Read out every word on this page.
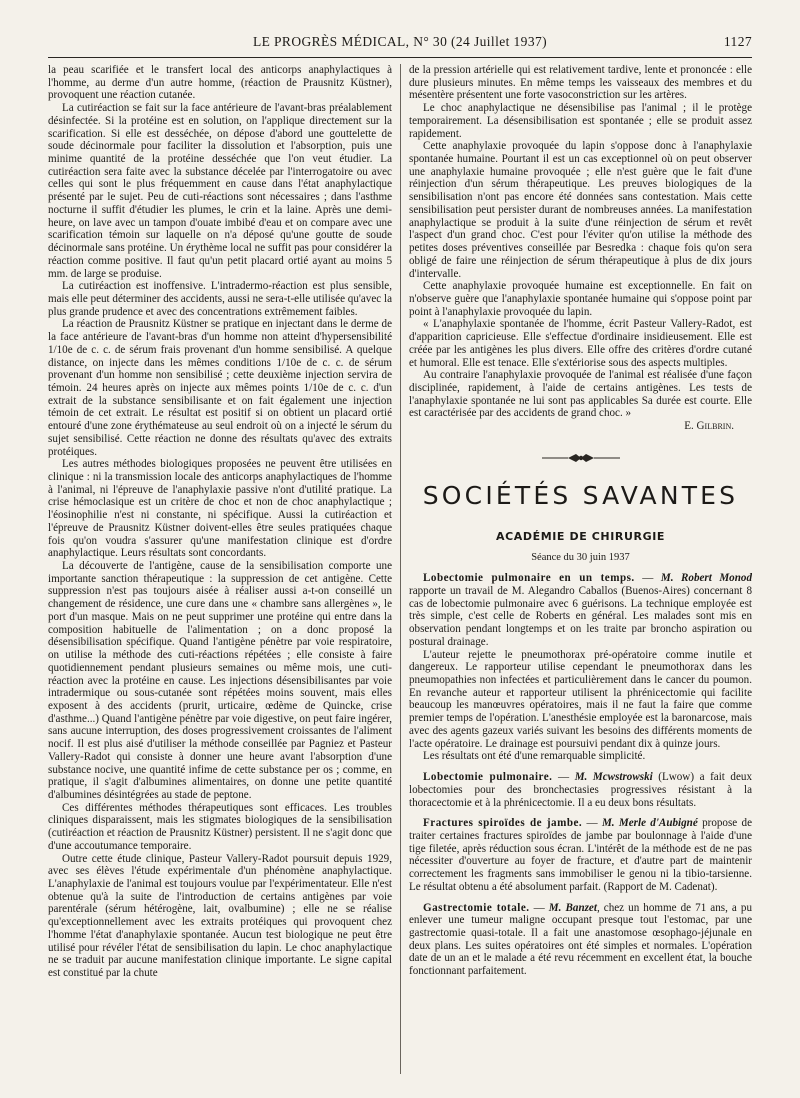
LE PROGRÈS MÉDICAL, N° 30 (24 Juillet 1937)	1127

la peau scarifiée et le transfert local des anticorps anaphylactiques à l'homme, au derme d'un autre homme, (réaction de Prausnitz Küstner), provoquent une réaction cutanée.

La cutiréaction se fait sur la face antérieure de l'avant-bras préalablement désinfectée. Si la protéine est en solution, on l'applique directement sur la scarification. Si elle est desséchée, on dépose d'abord une gouttelette de soude décinormale pour faciliter la dissolution et l'absorption, puis une minime quantité de la protéine desséchée que l'on veut étudier. La cutiréaction sera faite avec la substance décelée par l'interrogatoire ou avec celles qui sont le plus fréquemment en cause dans l'état anaphylactique présenté par le sujet. Peu de cuti-réactions sont nécessaires ; dans l'asthme nocturne il suffit d'étudier les plumes, le crin et la laine. Après une demi-heure, on lave avec un tampon d'ouate imbibé d'eau et on compare avec une scarification témoin sur laquelle on n'a déposé qu'une goutte de soude décinormale sans protéine. Un érythème local ne suffit pas pour considérer la réaction comme positive. Il faut qu'un petit placard ortié ayant au moins 5 mm. de large se produise.

La cutiréaction est inoffensive. L'intradermo-réaction est plus sensible, mais elle peut déterminer des accidents, aussi ne sera-t-elle utilisée qu'avec la plus grande prudence et avec des concentrations extrêmement faibles.

La réaction de Prausnitz Küstner se pratique en injectant dans le derme de la face antérieure de l'avant-bras d'un homme non atteint d'hypersensibilité 1/10e de c. c. de sérum frais provenant d'un homme sensibilisé. A quelque distance, on injecte dans les mêmes conditions 1/10e de c. c. de sérum provenant d'un homme non sensibilisé ; cette deuxième injection servira de témoin. 24 heures après on injecte aux mêmes points 1/10e de c. c. d'un extrait de la substance sensibilisante et on fait également une injection témoin de cet extrait. Le résultat est positif si on obtient un placard ortié entouré d'une zone érythémateuse au seul endroit où on a injecté le sérum du sujet sensibilisé. Cette réaction ne donne des résultats qu'avec des extraits protéiques.

Les autres méthodes biologiques proposées ne peuvent être utilisées en clinique : ni la transmission locale des anticorps anaphylactiques de l'homme à l'animal, ni l'épreuve de l'anaphylaxie passive n'ont d'utilité pratique. La crise hémoclasique est un critère de choc et non de choc anaphylactique ; l'éosinophilie n'est ni constante, ni spécifique. Aussi la cutiréaction et l'épreuve de Prausnitz Küstner doivent-elles être seules pratiquées chaque fois qu'on voudra s'assurer qu'une manifestation clinique est d'ordre anaphylactique. Leurs résultats sont concordants.

La découverte de l'antigène, cause de la sensibilisation comporte une importante sanction thérapeutique : la suppression de cet antigène. Cette suppression n'est pas toujours aisée à réaliser aussi a-t-on conseillé un changement de résidence, une cure dans une « chambre sans allergènes », le port d'un masque. Mais on ne peut supprimer une protéine qui entre dans la composition habituelle de l'alimentation ; on a donc proposé la désensibilisation spécifique. Quand l'antigène pénètre par voie respiratoire, on utilise la méthode des cuti-réactions répétées ; elle consiste à faire quotidiennement pendant plusieurs semaines ou même mois, une cuti-réaction avec la protéine en cause. Les injections désensibilisantes par voie intradermique ou sous-cutanée sont répétées moins souvent, mais elles exposent à des accidents (prurit, urticaire, œdème de Quincke, crise d'asthme...) Quand l'antigène pénètre par voie digestive, on peut faire ingérer, sans aucune interruption, des doses progressivement croissantes de l'aliment nocif. Il est plus aisé d'utiliser la méthode conseillée par Pagniez et Pasteur Vallery-Radot qui consiste à donner une heure avant l'absorption d'une substance nocive, une quantité infime de cette substance per os ; comme, en pratique, il s'agit d'albumines alimentaires, on donne une petite quantité d'albumines désintégrées au stade de peptone.

Ces différentes méthodes thérapeutiques sont efficaces. Les troubles cliniques disparaissent, mais les stigmates biologiques de la sensibilisation (cutiréaction et réaction de Prausnitz Küstner) persistent. Il ne s'agit donc que d'une accoutumance temporaire.

Outre cette étude clinique, Pasteur Vallery-Radot poursuit depuis 1929, avec ses élèves l'étude expérimentale d'un phénomène anaphylactique. L'anaphylaxie de l'animal est toujours voulue par l'expérimentateur. Elle n'est obtenue qu'à la suite de l'introduction de certains antigènes par voie parentérale (sérum hétérogène, lait, ovalbumine) ; elle ne se réalise qu'exceptionnellement avec les extraits protéiques qui provoquent chez l'homme l'état d'anaphylaxie spontanée. Aucun test biologique ne peut être utilisé pour révéler l'état de sensibilisation du lapin. Le choc anaphylactique ne se traduit par aucune manifestation clinique importante. Le signe capital est constitué par la chute

de la pression artérielle qui est relativement tardive, lente et prononcée : elle dure plusieurs minutes. En même temps les vaisseaux des membres et du mésentère présentent une forte vasoconstriction sur les artères.

Le choc anaphylactique ne désensibilise pas l'animal ; il le protège temporairement. La désensibilisation est spontanée ; elle se produit assez rapidement.

Cette anaphylaxie provoquée du lapin s'oppose donc à l'anaphylaxie spontanée humaine. Pourtant il est un cas exceptionnel où on peut observer une anaphylaxie humaine provoquée ; elle n'est guère que le fait d'une réinjection d'un sérum thérapeutique. Les preuves biologiques de la sensibilisation n'ont pas encore été données sans contestation. Mais cette sensibilisation peut persister durant de nombreuses années. La manifestation anaphylactique se produit à la suite d'une réinjection de sérum et revêt l'aspect d'un grand choc. C'est pour l'éviter qu'on utilise la méthode des petites doses préventives conseillée par Besredka : chaque fois qu'on sera obligé de faire une réinjection de sérum thérapeutique à plus de dix jours d'intervalle.

Cette anaphylaxie provoquée humaine est exceptionnelle. En fait on n'observe guère que l'anaphylaxie spontanée humaine qui s'oppose point par point à l'anaphylaxie provoquée du lapin.

« L'anaphylaxie spontanée de l'homme, écrit Pasteur Vallery-Radot, est d'apparition capricieuse. Elle s'effectue d'ordinaire insidieusement. Elle est créée par les antigènes les plus divers. Elle offre des critères d'ordre cutané et humoral. Elle est tenace. Elle s'extériorise sous des aspects multiples.

Au contraire l'anaphylaxie provoquée de l'animal est réalisée d'une façon disciplinée, rapidement, à l'aide de certains antigènes. Les tests de l'anaphylaxie spontanée ne lui sont pas applicables Sa durée est courte. Elle est caractérisée par des accidents de grand choc. »

E. Gilbrin.

SOCIÉTÉS SAVANTES
ACADÉMIE DE CHIRURGIE
Séance du 30 juin 1937

Lobectomie pulmonaire en un temps. — M. Robert Monod rapporte un travail de M. Alegandro Caballos (Buenos-Aires) concernant 8 cas de lobectomie pulmonaire avec 6 guérisons. La technique employée est très simple, c'est celle de Roberts en général. Les malades sont mis en observation pendant longtemps et on les traite par broncho aspiration ou postural drainage.

L'auteur rejette le pneumothorax pré-opératoire comme inutile et dangereux. Le rapporteur utilise cependant le pneumothorax dans les pneumopathies non infectées et particulièrement dans le cancer du poumon. En revanche auteur et rapporteur utilisent la phrénicectomie qui facilite beaucoup les manœuvres opératoires, mais il ne faut la faire que comme premier temps de l'opération. L'anesthésie employée est la baronarcose, mais avec des agents gazeux variés suivant les besoins des différents moments de l'acte opératoire. Le drainage est poursuivi pendant dix à quinze jours.

Les résultats ont été d'une remarquable simplicité.

Lobectomie pulmonaire. — M. Mcwstrowski (Lwow) a fait deux lobectomies pour des bronchectasies progressives résistant à la thoracectomie et à la phrénicectomie. Il a eu deux bons résultats.

Fractures spiroïdes de jambe. — M. Merle d'Aubigné propose de traiter certaines fractures spiroïdes de jambe par boulonnage à l'aide d'une tige filetée, après réduction sous écran. L'intérêt de la méthode est de ne pas nécessiter d'ouverture au foyer de fracture, et d'autre part de maintenir correctement les fragments sans immobiliser le genou ni la tibio-tarsienne. Le résultat obtenu a été absolument parfait. (Rapport de M. Cadenat).

Gastrectomie totale. — M. Banzet, chez un homme de 71 ans, a pu enlever une tumeur maligne occupant presque tout l'estomac, par une gastrectomie quasi-totale. Il a fait une anastomose œsophago-jéjunale en deux plans. Les suites opératoires ont été simples et normales. L'opération date de un an et le malade a été revu récemment en excellent état, la bouche fonctionnant parfaitement.
